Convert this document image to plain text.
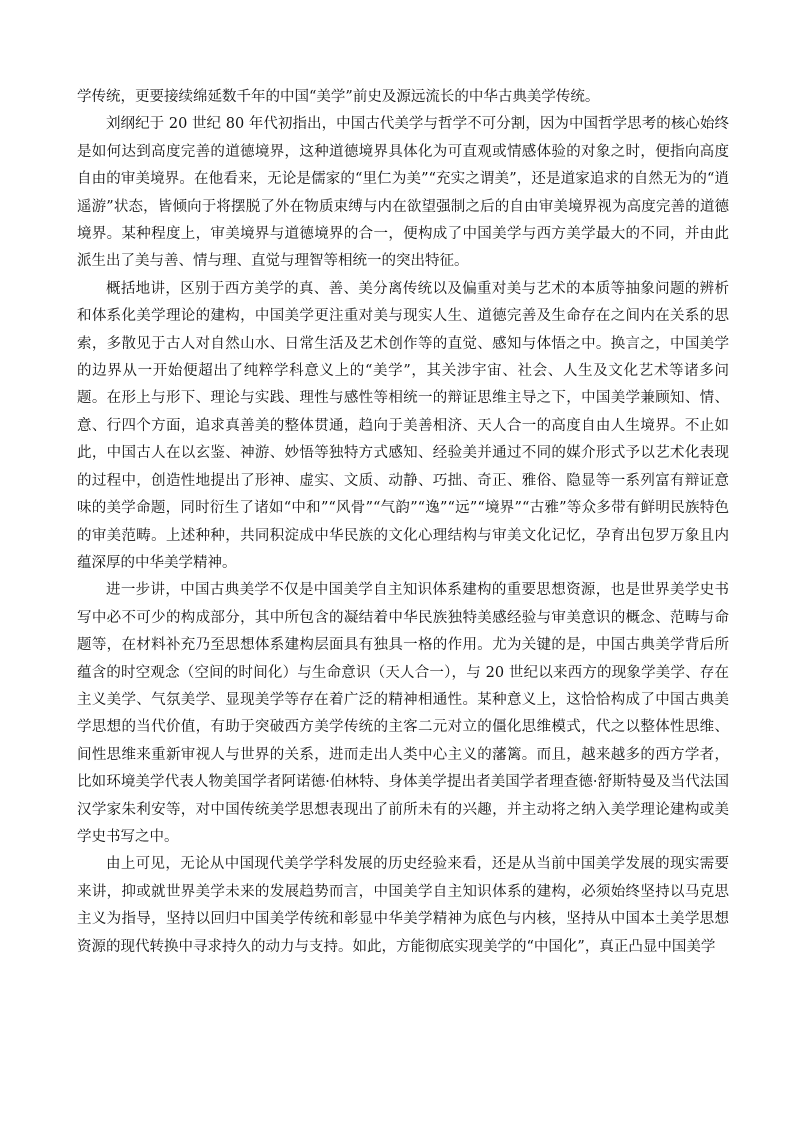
学传统，更要接续绵延数千年的中国“美学”前史及源远流长的中华古典美学传统。

刘纲纪于 20 世纪 80 年代初指出，中国古代美学与哲学不可分割，因为中国哲学思考的核心始终是如何达到高度完善的道德境界，这种道德境界具体化为可直观或情感体验的对象之时，便指向高度自由的审美境界。在他看来，无论是儒家的“里仁为美”“充实之谓美”，还是道家追求的自然无为的“逍遥游”状态，皆倾向于将摆脱了外在物质束缚与内在欲望强制之后的自由审美境界视为高度完善的道德境界。某种程度上，审美境界与道德境界的合一，便构成了中国美学与西方美学最大的不同，并由此派生出了美与善、情与理、直觉与理智等相统一的突出特征。

概括地讲，区别于西方美学的真、善、美分离传统以及偏重对美与艺术的本质等抽象问题的辨析和体系化美学理论的建构，中国美学更注重对美与现实人生、道德完善及生命存在之间内在关系的思索，多散见于古人对自然山水、日常生活及艺术创作等的直觉、感知与体悟之中。换言之，中国美学的边界从一开始便超出了纯粹学科意义上的“美学”，其关涉宇宙、社会、人生及文化艺术等诸多问题。在形上与形下、理论与实践、理性与感性等相统一的辩证思维主导之下，中国美学兼顾知、情、意、行四个方面，追求真善美的整体贯通，趋向于美善相济、天人合一的高度自由人生境界。不止如此，中国古人在以玄鉴、神游、妙悟等独特方式感知、经验美并通过不同的媒介形式予以艺术化表现的过程中，创造性地提出了形神、虚实、文质、动静、巧拙、奇正、雅俗、隐显等一系列富有辩证意味的美学命题，同时衍生了诸如“中和”“风骨”“气韵”“逸”“远”“境界”“古雅”等众多带有鲜明民族特色的审美范畴。上述种种，共同积淀成中华民族的文化心理结构与审美文化记忆，孕育出包罗万象且内蕴深厚的中华美学精神。

进一步讲，中国古典美学不仅是中国美学自主知识体系建构的重要思想资源，也是世界美学史书写中必不可少的构成部分，其中所包含的凝结着中华民族独特美感经验与审美意识的概念、范畴与命题等，在材料补充乃至思想体系建构层面具有独具一格的作用。尤为关键的是，中国古典美学背后所蕴含的时空观念（空间的时间化）与生命意识（天人合一），与 20 世纪以来西方的现象学美学、存在主义美学、气氛美学、显现美学等存在着广泛的精神相通性。某种意义上，这恰恰构成了中国古典美学思想的当代价值，有助于突破西方美学传统的主客二元对立的僵化思维模式，代之以整体性思维、间性思维来重新审视人与世界的关系，进而走出人类中心主义的藩篱。而且，越来越多的西方学者，比如环境美学代表人物美国学者阿诺德·伯林特、身体美学提出者美国学者理查德·舒斯特曼及当代法国汉学家朱利安等，对中国传统美学思想表现出了前所未有的兴趣，并主动将之纳入美学理论建构或美学史书写之中。

由上可见，无论从中国现代美学学科发展的历史经验来看，还是从当前中国美学发展的现实需要来讲，抑或就世界美学未来的发展趋势而言，中国美学自主知识体系的建构，必须始终坚持以马克思主义为指导，坚持以回归中国美学传统和彰显中华美学精神为底色与内核，坚持从中国本土美学思想资源的现代转换中寻求持久的动力与支持。如此，方能彻底实现美学的“中国化”，真正凸显中国美学
